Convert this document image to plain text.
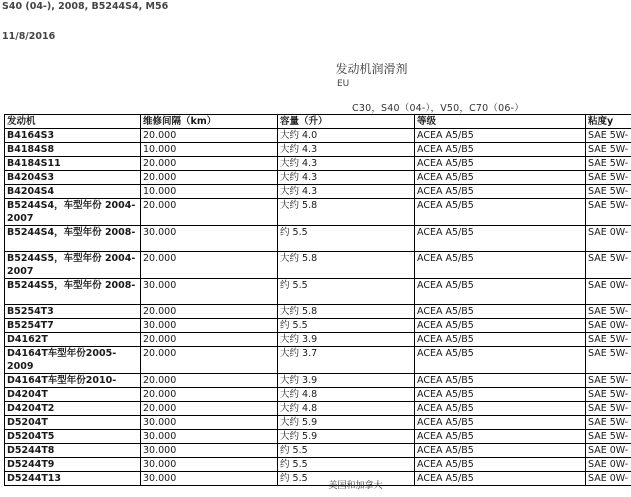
S40 (04-), 2008, B5244S4, M56
11/8/2016
发动机润滑剂
EU
C30，S40（04-），V50，C70（06-）
发动机	维修间隔（km）	容量（升）	等级	粘度y
B4164S3	20.000	大约 4.0	ACEA A5/B5	SAE 5W-
B4184S8	10.000	大约 4.3	ACEA A5/B5	SAE 5W-
B4184S11	20.000	大约 4.3	ACEA A5/B5	SAE 5W-
B4204S3	20.000	大约 4.3	ACEA A5/B5	SAE 5W-
B4204S4	10.000	大约 4.3	ACEA A5/B5	SAE 5W-
B5244S4，车型年份 2004-2007	20.000	大约 5.8	ACEA A5/B5	SAE 5W-
B5244S4，车型年份 2008-	30.000	约 5.5	ACEA A5/B5	SAE 0W-
B5244S5，车型年份 2004-2007	20.000	大约 5.8	ACEA A5/B5	SAE 5W-
B5244S5，车型年份 2008-	30.000	约 5.5	ACEA A5/B5	SAE 0W-
B5254T3	20.000	大约 5.8	ACEA A5/B5	SAE 5W-
B5254T7	30.000	约 5.5	ACEA A5/B5	SAE 0W-
D4162T	20.000	大约 3.9	ACEA A5/B5	SAE 5W-
D4164T车型年份2005-2009	20.000	大约 3.7	ACEA A5/B5	SAE 5W-
D4164T车型年份2010-	20.000	大约 3.9	ACEA A5/B5	SAE 5W-
D4204T	20.000	大约 4.8	ACEA A5/B5	SAE 5W-
D4204T2	20.000	大约 4.8	ACEA A5/B5	SAE 5W-
D5204T	30.000	大约 5.9	ACEA A5/B5	SAE 5W-
D5204T5	30.000	大约 5.9	ACEA A5/B5	SAE 5W-
D5244T8	30.000	约 5.5	ACEA A5/B5	SAE 0W-
D5244T9	30.000	约 5.5	ACEA A5/B5	SAE 0W-
D5244T13	30.000	约 5.5	ACEA A5/B5	SAE 0W-
美国和加拿大
